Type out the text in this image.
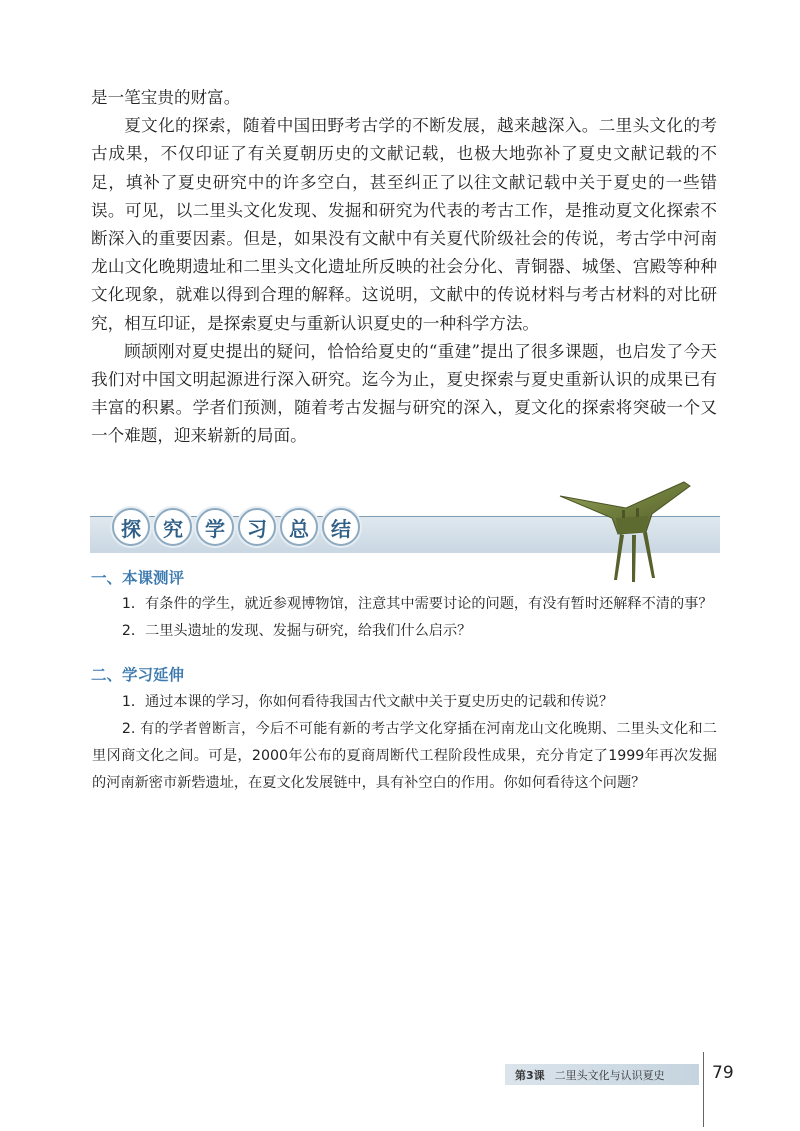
是一笔宝贵的财富。

夏文化的探索，随着中国田野考古学的不断发展，越来越深入。二里头文化的考古成果，不仅印证了有关夏朝历史的文献记载，也极大地弥补了夏史文献记载的不足，填补了夏史研究中的许多空白，甚至纠正了以往文献记载中关于夏史的一些错误。可见，以二里头文化发现、发掘和研究为代表的考古工作，是推动夏文化探索不断深入的重要因素。但是，如果没有文献中有关夏代阶级社会的传说，考古学中河南龙山文化晚期遗址和二里头文化遗址所反映的社会分化、青铜器、城堡、宫殿等种种文化现象，就难以得到合理的解释。这说明，文献中的传说材料与考古材料的对比研究，相互印证，是探索夏史与重新认识夏史的一种科学方法。

顾颉刚对夏史提出的疑问，恰恰给夏史的“重建”提出了很多课题，也启发了今天我们对中国文明起源进行深入研究。迄今为止，夏史探索与夏史重新认识的成果已有丰富的积累。学者们预测，随着考古发掘与研究的深入，夏文化的探索将突破一个又一个难题，迎来崭新的局面。

探	究	学	习	总	结
一、本课测评

1．有条件的学生，就近参观博物馆，注意其中需要讨论的问题，有没有暂时还解释不清的事？

2．二里头遗址的发现、发掘与研究，给我们什么启示？

二、学习延伸

1．通过本课的学习，你如何看待我国古代文献中关于夏史历史的记载和传说？

2. 有的学者曾断言，今后不可能有新的考古学文化穿插在河南龙山文化晚期、二里头文化和二里冈商文化之间。可是，2000年公布的夏商周断代工程阶段性成果，充分肯定了1999年再次发掘的河南新密市新砦遗址，在夏文化发展链中，具有补空白的作用。你如何看待这个问题？

第3课 二里头文化与认识夏史	79
